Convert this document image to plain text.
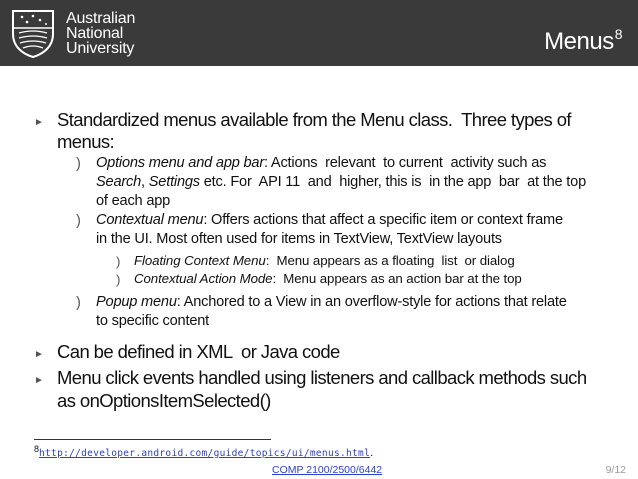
Australian
National
University	Menus$^8$
► Standardized menus available from the Menu class.  Three types of
menus:
) Options menu and app bar : Actions  relevant  to current  activity such as
Search , Settings etc. For  API 11  and  higher, this is  in the app  bar  at the top
of each app
) Contextual menu : Offers actions that affect a specific item or context frame
in the UI. Most often used for items in TextView, TextView layouts
) Floating Context Menu :  Menu appears as a floating  list  or dialog
) Contextual Action Mode :  Menu appears as an action bar at the top
) Popup menu : Anchored to a View in an overflow-style for actions that relate
to specific content
► Can be defined in XML  or Java code
► Menu click events handled using listeners and callback methods such
as onOptionsItemSelected()
$^8$http://developer.android.com/guide/topics/ui/menus.html.
COMP 2100/2500/6442	9/12
